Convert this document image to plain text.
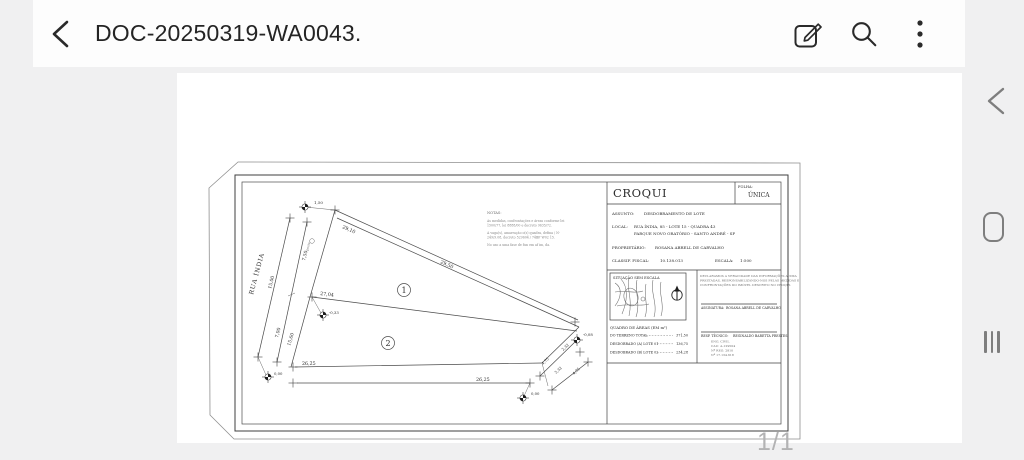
DOC-20250319-WA0043.
poste
1
2
RUA ÍNDIA 15,00
7,50
7,00 15,60
1,50
29,10
29,50
27,04
26,25
26,25
2,32
4,75
3,32 4,75
-0,33
0,00
-0,08
0,00
NOTAS:
As medidas, confrontações e áreas conforme lei
1500/77, lei 8888/00 e decreto 9635/72.
A vaga(s), amarração o(s) quadra, defina / N-
249/9.08, decreto 529604 / 74BF W02 15.
No uso a uma fase de fun em af im, da.
CROQUI	FOLHA:
ÚNICA
ASSUNTO: DESDOBRAMENTO DE LOTE
LOCAL: RUA ÍNDIA, 85 - LOTE 15 - QUADRA 43
PARQUE NOVO ORATÓRIO - SANTO ANDRÉ - SP
PROPRIETÁRIO: ROSANA ABRELL DE CARVALHO
CLASSIF. FISCAL:	10.138.013	ESCALA: 1:500
SITUAÇÃO SEM ESCALA
QUADRO DE ÁREAS (EM m²)
DO TERRENO TOTAL	371,50
DESDOBRADO (A) LOTE 01	136,75
DESDOBRADO (B) LOTE 02	234,28
DECLARAMOS A VERACIDADE DAS INFORMAÇÕES ACIMA
PRESTADAS, RESPONSABILIZANDO-NOS PELAS MEDIDAS E
CONFRONTAÇÕES DO IMÓVEL DESCRITO NO CROQUI.
ASSINATURA: ROSANA ABRELL DE CARVALHO
RESP. TÉCNICO: REGINALDO BARETTA PRESTES
ENG. CIVIL
CAU: A-129504
Nº REG: 2810
Nº 17.134.618
1/1
